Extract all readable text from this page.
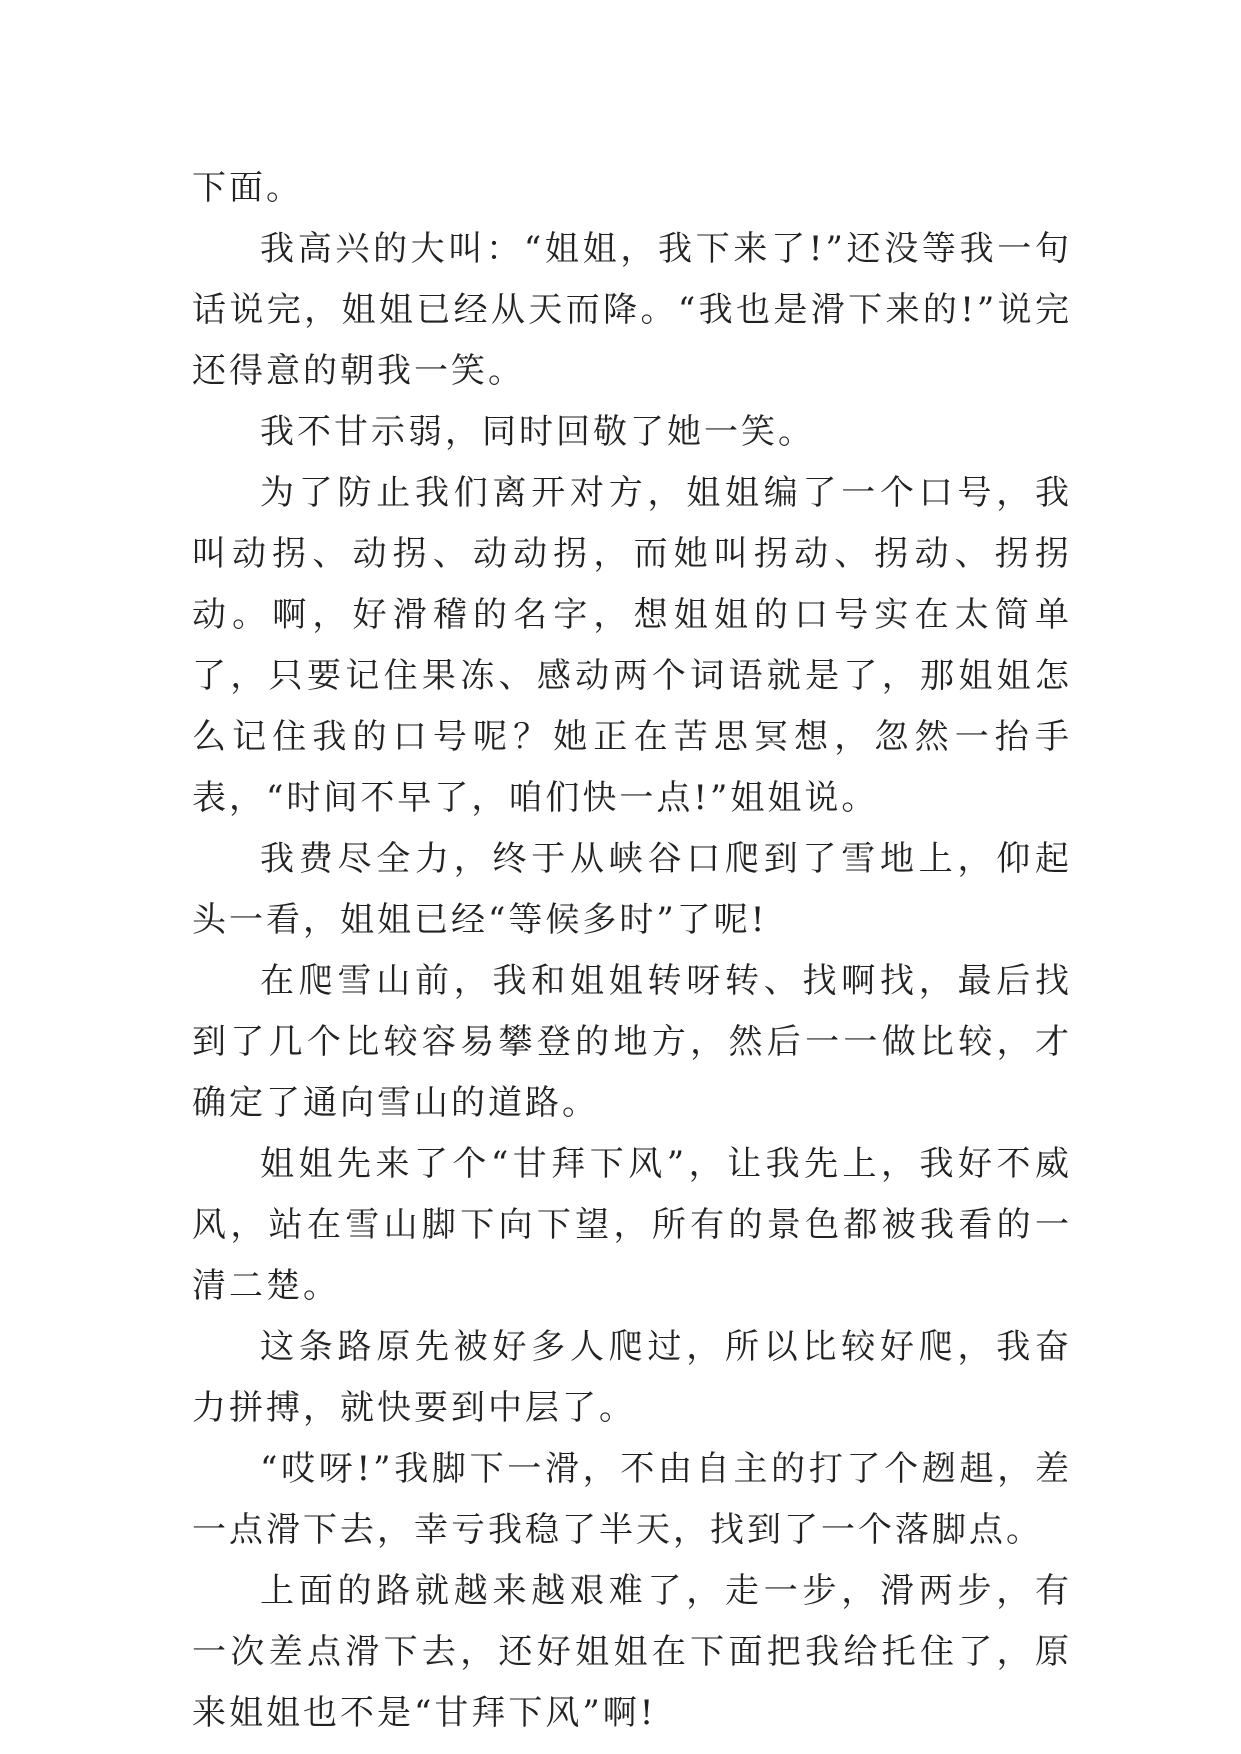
下面。

我高兴的大叫：“姐姐，我下来了!”还没等我一句话说完，姐姐已经从天而降。“我也是滑下来的!”说完还得意的朝我一笑。

我不甘示弱，同时回敬了她一笑。

为了防止我们离开对方，姐姐编了一个口号，我叫动拐、动拐、动动拐，而她叫拐动、拐动、拐拐动。啊，好滑稽的名字，想姐姐的口号实在太简单了，只要记住果冻、感动两个词语就是了，那姐姐怎么记住我的口号呢？她正在苦思冥想，忽然一抬手表，“时间不早了，咱们快一点!”姐姐说。

我费尽全力，终于从峡谷口爬到了雪地上，仰起头一看，姐姐已经“等候多时”了呢!

在爬雪山前，我和姐姐转呀转、找啊找，最后找到了几个比较容易攀登的地方，然后一一做比较，才确定了通向雪山的道路。

姐姐先来了个“甘拜下风”，让我先上，我好不威风，站在雪山脚下向下望，所有的景色都被我看的一清二楚。

这条路原先被好多人爬过，所以比较好爬，我奋力拼搏，就快要到中层了。

“哎呀!”我脚下一滑，不由自主的打了个趔趄，差一点滑下去，幸亏我稳了半天，找到了一个落脚点。

上面的路就越来越艰难了，走一步，滑两步，有一次差点滑下去，还好姐姐在下面把我给托住了，原来姐姐也不是“甘拜下风”啊!
